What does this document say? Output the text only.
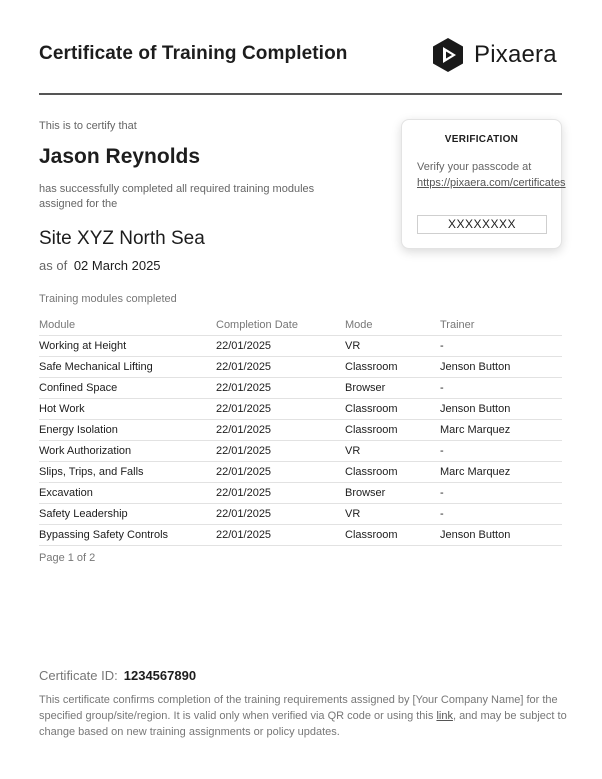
Certificate of Training Completion	Pixaera
This is to certify that
Jason Reynolds
has successfully completed all required training modules assigned for the
Site XYZ North Sea
as of 02 March 2025
VERIFICATION
Verify your passcode at https://pixaera.com/certificates
XXXXXXXX
Training modules completed
Module	Completion Date	Mode	Trainer
Working at Height	22/01/2025	VR	-
Safe Mechanical Lifting	22/01/2025	Classroom	Jenson Button
Confined Space	22/01/2025	Browser	-
Hot Work	22/01/2025	Classroom	Jenson Button
Energy Isolation	22/01/2025	Classroom	Marc Marquez
Work Authorization	22/01/2025	VR	-
Slips, Trips, and Falls	22/01/2025	Classroom	Marc Marquez
Excavation	22/01/2025	Browser	-
Safety Leadership	22/01/2025	VR	-
Bypassing Safety Controls	22/01/2025	Classroom	Jenson Button
Page 1 of 2
Certificate ID: 1234567890
This certificate confirms completion of the training requirements assigned by [Your Company Name] for the specified group/site/region. It is valid only when verified via QR code or using this link, and may be subject to change based on new training assignments or policy updates.
